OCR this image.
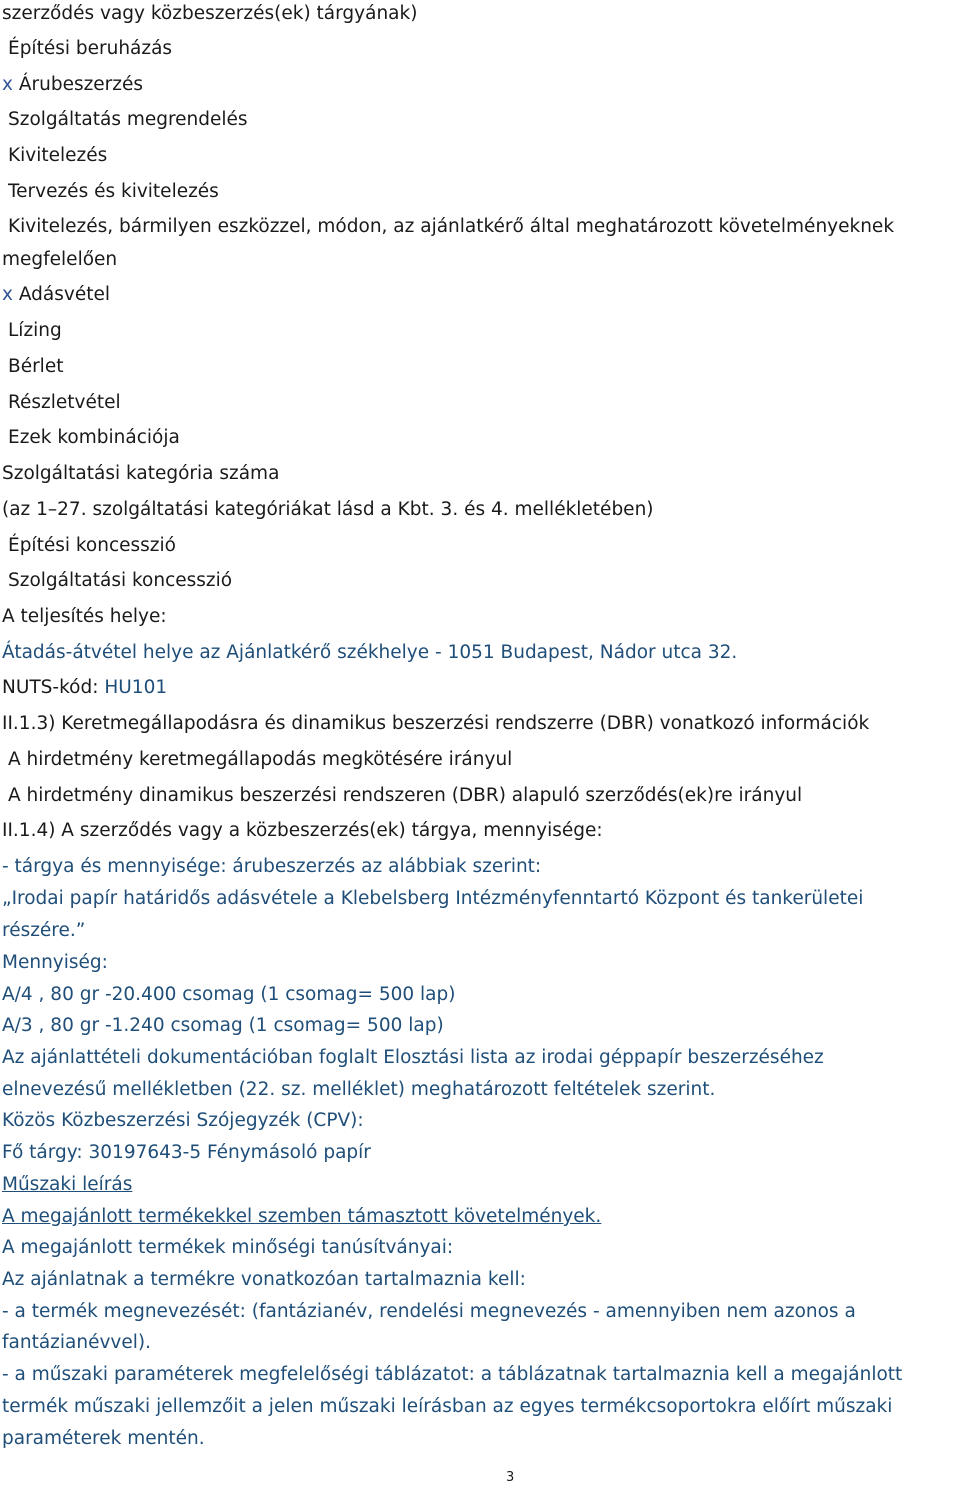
szerződés vagy közbeszerzés(ek) tárgyának)
Építési beruházás
x Árubeszerzés
Szolgáltatás megrendelés
Kivitelezés
Tervezés és kivitelezés
Kivitelezés, bármilyen eszközzel, módon, az ajánlatkérő által meghatározott követelményeknek
megfelelően
x Adásvétel
Lízing
Bérlet
Részletvétel
Ezek kombinációja
Szolgáltatási kategória száma
(az 1–27. szolgáltatási kategóriákat lásd a Kbt. 3. és 4. mellékletében)
Építési koncesszió
Szolgáltatási koncesszió
A teljesítés helye:
Átadás-átvétel helye az Ajánlatkérő székhelye - 1051 Budapest, Nádor utca 32.
NUTS-kód: HU101
II.1.3) Keretmegállapodásra és dinamikus beszerzési rendszerre (DBR) vonatkozó információk
A hirdetmény keretmegállapodás megkötésére irányul
A hirdetmény dinamikus beszerzési rendszeren (DBR) alapuló szerződés(ek)re irányul
II.1.4) A szerződés vagy a közbeszerzés(ek) tárgya, mennyisége:
- tárgya és mennyisége: árubeszerzés az alábbiak szerint:
„Irodai papír határidős adásvétele a Klebelsberg Intézményfenntartó Központ és tankerületei
részére.”
Mennyiség:
A/4 , 80 gr -20.400 csomag (1 csomag= 500 lap)
A/3 , 80 gr -1.240 csomag (1 csomag= 500 lap)
Az ajánlattételi dokumentációban foglalt Elosztási lista az irodai géppapír beszerzéséhez
elnevezésű mellékletben (22. sz. melléklet) meghatározott feltételek szerint.
Közös Közbeszerzési Szójegyzék (CPV):
Fő tárgy: 30197643-5 Fénymásoló papír
Műszaki leírás
A megajánlott termékekkel szemben támasztott követelmények.
A megajánlott termékek minőségi tanúsítványai:
Az ajánlatnak a termékre vonatkozóan tartalmaznia kell:
- a termék megnevezését: (fantázianév, rendelési megnevezés - amennyiben nem azonos a
fantázianévvel).
- a műszaki paraméterek megfelelőségi táblázatot: a táblázatnak tartalmaznia kell a megajánlott
termék műszaki jellemzőit a jelen műszaki leírásban az egyes termékcsoportokra előírt műszaki
paraméterek mentén.
3
